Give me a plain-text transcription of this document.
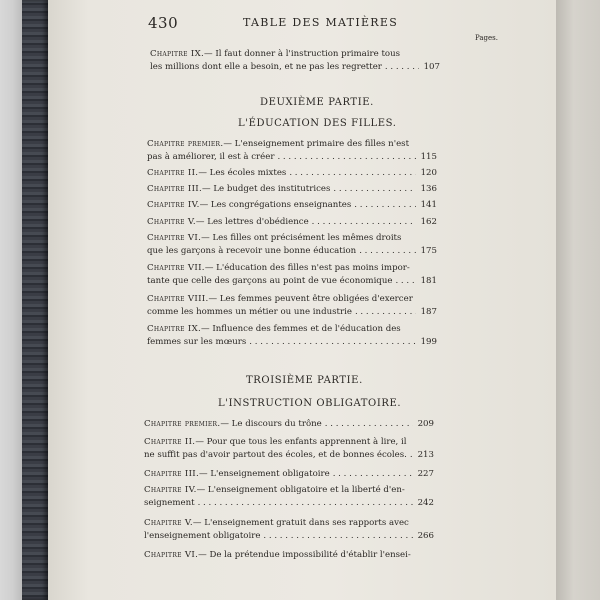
430	TABLE DES MATIÈRES
Pages.
Chapitre IX. — Il faut donner à l'instruction primaire tous
les millions dont elle a besoin, et ne pas les regretter . . .	107
DEUXIÈME PARTIE.
L'ÉDUCATION DES FILLES.
Chapitre premier. — L'enseignement primaire des filles n'est
pas à améliorer, il est à créer . . .	115
Chapitre II. — Les écoles mixtes . . .	120
Chapitre III. — Le budget des institutrices . . .	136
Chapitre IV. — Les congrégations enseignantes . . .	141
Chapitre V. — Les lettres d'obédience . . .	162
Chapitre VI. — Les filles ont précisément les mêmes droits
que les garçons à recevoir une bonne éducation . . .	175
Chapitre VII. — L'éducation des filles n'est pas moins impor-
tante que celle des garçons au point de vue économique . . .	181
Chapitre VIII. — Les femmes peuvent être obligées d'exercer
comme les hommes un métier ou une industrie . . .	187
Chapitre IX. — Influence des femmes et de l'éducation des
femmes sur les mœurs . . .	199
TROISIÈME PARTIE.
L'INSTRUCTION OBLIGATOIRE.
Chapitre premier. — Le discours du trône . . .	209
Chapitre II. — Pour que tous les enfants apprennent à lire, il
ne suffit pas d'avoir partout des écoles, et de bonnes écoles. . . . 213
Chapitre III. — L'enseignement obligatoire . . .	227
Chapitre IV. — L'enseignement obligatoire et la liberté d'en-
seignement . . .	242
Chapitre V. — L'enseignement gratuit dans ses rapports avec
l'enseignement obligatoire . . .	266
Chapitre VI. — De la prétendue impossibilité d'établir l'ensei-
